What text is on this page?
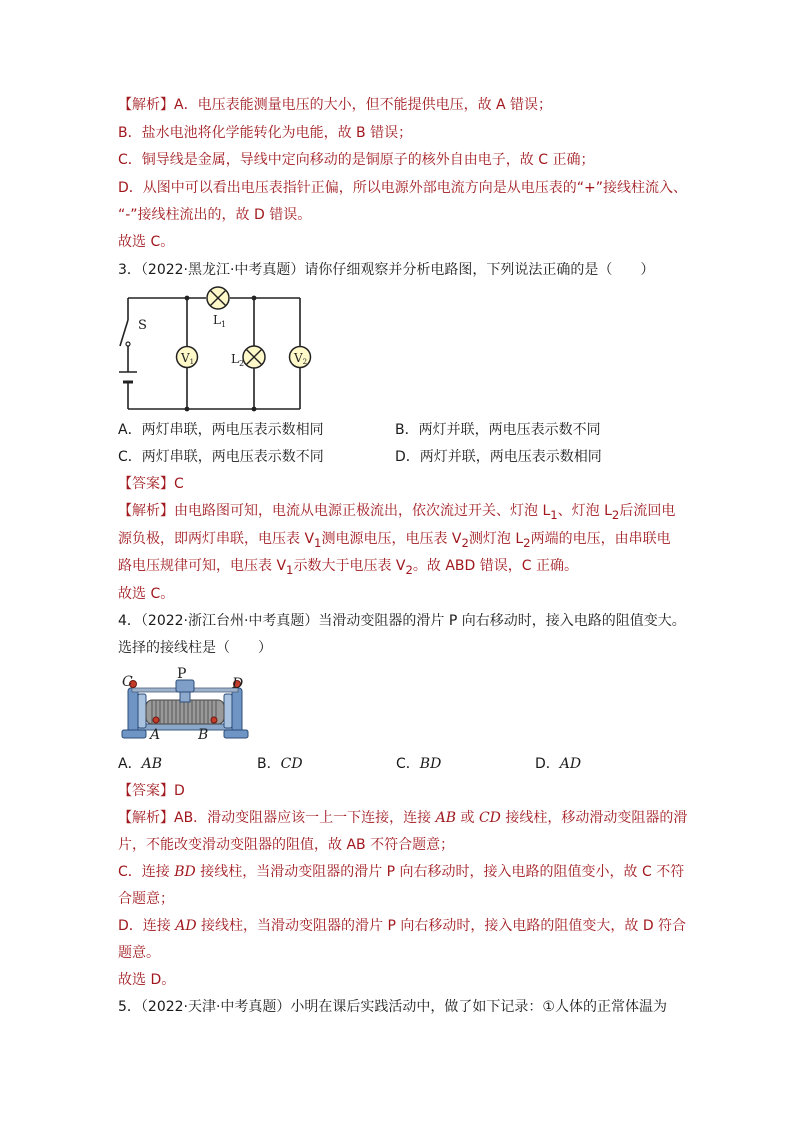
【解析】A．电压表能测量电压的大小，但不能提供电压，故 A 错误；
B．盐水电池将化学能转化为电能，故 B 错误；
C．铜导线是金属，导线中定向移动的是铜原子的核外自由电子，故 C 正确；
D．从图中可以看出电压表指针正偏，所以电源外部电流方向是从电压表的“+”接线柱流入、
“-”接线柱流出的，故 D 错误。
故选 C。
3．（2022·黑龙江·中考真题）请你仔细观察并分析电路图，下列说法正确的是（　　）
S	$L_1$
V1	$L_2$	V2
A．两灯串联，两电压表示数相同	B．两灯并联，两电压表示数不同
C．两灯串联，两电压表示数不同	D．两灯并联，两电压表示数相同
【答案】C
【解析】由电路图可知，电流从电源正极流出，依次流过开关、灯泡 $L_1$、灯泡 $L_2$后流回电
源负极，即两灯串联，电压表 $V_1$测电源电压，电压表 $V_2$测灯泡 $L_2$两端的电压，由串联电
路电压规律可知，电压表 $V_1$示数大于电压表 $V_2$。故 ABD 错误，C 正确。
故选 C。
4．（2022·浙江台州·中考真题）当滑动变阻器的滑片 P 向右移动时，接入电路的阻值变大。
选择的接线柱是（　　）
C	P
D
A	B
A．AB	B．CD	C．BD	D．AD
【答案】D
【解析】AB．滑动变阻器应该一上一下连接，连接 AB 或 CD 接线柱，移动滑动变阻器的滑
片，不能改变滑动变阻器的阻值，故 AB 不符合题意；
C．连接 BD 接线柱，当滑动变阻器的滑片 P 向右移动时，接入电路的阻值变小，故 C 不符
合题意；
D．连接 AD 接线柱，当滑动变阻器的滑片 P 向右移动时，接入电路的阻值变大，故 D 符合
题意。
故选 D。
5．（2022·天津·中考真题）小明在课后实践活动中，做了如下记录：①人体的正常体温为
